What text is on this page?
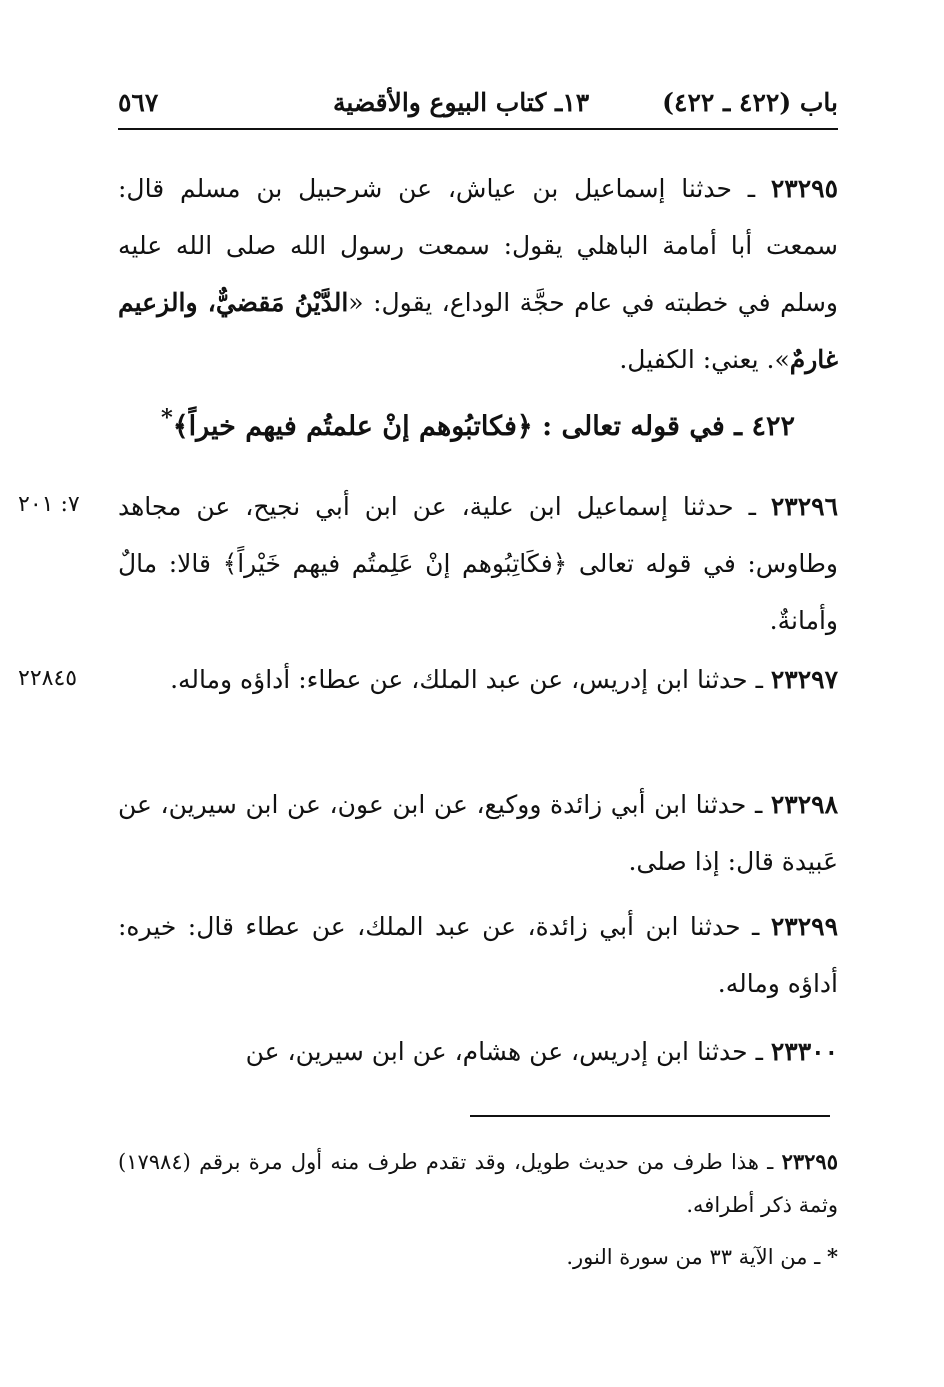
باب (٤٢٢ ـ ٤٢٢)
١٣ـ كتاب البيوع والأقضية
٥٦٧
٢٣٢٩٥ ـ حدثنا إسماعيل بن عياش، عن شرحبيل بن مسلم قال: سمعت أبا أمامة الباهلي يقول: سمعت رسول الله صلى الله عليه وسلم في خطبته في عام حجَّة الوداع، يقول: «الدَّيْنُ مَقضيٌّ، والزعيم غارمٌ». يعني: الكفيل.
٤٢٢ ـ في قوله تعالى : ﴿فكاتبُوهم إنْ علمتُم فيهم خيراً﴾*
٧: ٢٠١	٢٣٢٩٦ ـ حدثنا إسماعيل ابن علية، عن ابن أبي نجيح، عن مجاهد وطاوس: في قوله تعالى ﴿فكَاتِبُوهم إنْ عَلِمتُم فيهم خَيْراً﴾ قالا: مالٌ وأمانةٌ.
٢٢٨٤٥	٢٣٢٩٧ ـ حدثنا ابن إدريس، عن عبد الملك، عن عطاء: أداؤه وماله.
٢٣٢٩٨ ـ حدثنا ابن أبي زائدة ووكيع، عن ابن عون، عن ابن سيرين، عن عَبيدة قال: إذا صلى.
٢٣٢٩٩ ـ حدثنا ابن أبي زائدة، عن عبد الملك، عن عطاء قال: خيره: أداؤه وماله.
٢٣٣٠٠ ـ حدثنا ابن إدريس، عن هشام، عن ابن سيرين، عن
٢٣٢٩٥ ـ هذا طرف من حديث طويل، وقد تقدم طرف منه أول مرة برقم (١٧٩٨٤) وثمة ذكر أطرافه.
* ـ من الآية ٣٣ من سورة النور.
